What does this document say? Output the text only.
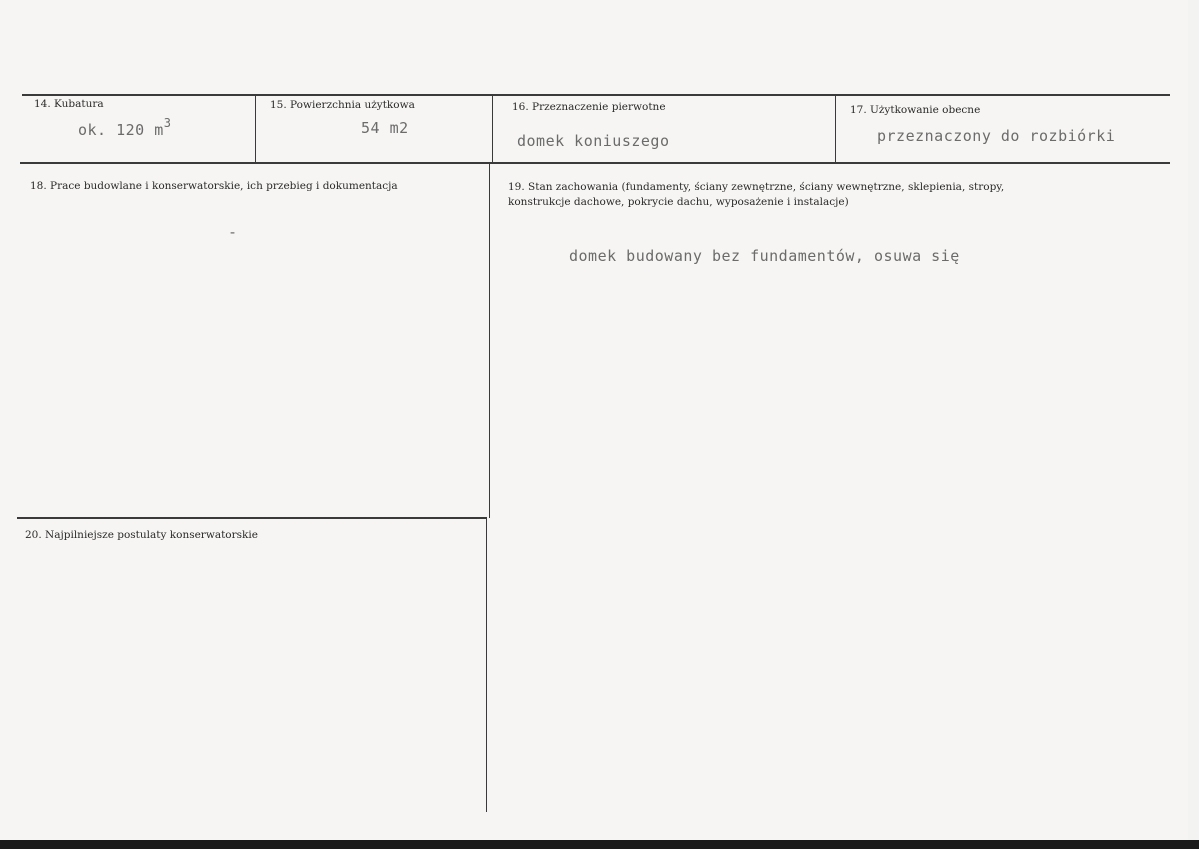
14. Kubatura
ok. 120 $m^3$
15. Powierzchnia użytkowa
54 m2
16. Przeznaczenie pierwotne
domek koniuszego
17. Użytkowanie obecne
przeznaczony do rozbiórki
18. Prace budowlane i konserwatorskie, ich przebieg i dokumentacja
-
19. Stan zachowania (fundamenty, ściany zewnętrzne, ściany wewnętrzne, sklepienia, stropy, konstrukcje dachowe, pokrycie dachu, wyposażenie i instalacje)
domek budowany bez fundamentów, osuwa się
20. Najpilniejsze postulaty konserwatorskie
